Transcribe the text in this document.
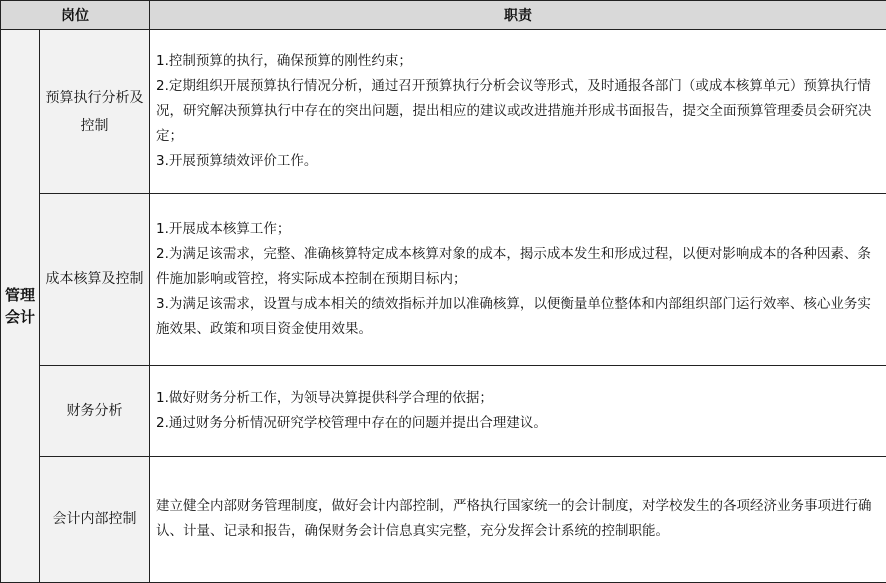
岗位		职责
管理会计	预算执行分析及控制	1.控制预算的执行，确保预算的刚性约束；
2.定期组织开展预算执行情况分析，通过召开预算执行分析会议等形式，及时通报各部门（或成本核算单元）预算执行情况，研究解决预算执行中存在的突出问题，提出相应的建议或改进措施并形成书面报告，提交全面预算管理委员会研究决定；
3.开展预算绩效评价工作。

	成本核算及控制	1.开展成本核算工作；
2.为满足该需求，完整、准确核算特定成本核算对象的成本，揭示成本发生和形成过程，以便对影响成本的各种因素、条件施加影响或管控，将实际成本控制在预期目标内；
3.为满足该需求，设置与成本相关的绩效指标并加以准确核算，以便衡量单位整体和内部组织部门运行效率、核心业务实施效果、政策和项目资金使用效果。

	财务分析	1.做好财务分析工作，为领导决算提供科学合理的依据；
2.通过财务分析情况研究学校管理中存在的问题并提出合理建议。

	会计内部控制	建立健全内部财务管理制度，做好会计内部控制，严格执行国家统一的会计制度，对学校发生的各项经济业务事项进行确认、计量、记录和报告，确保财务会计信息真实完整，充分发挥会计系统的控制职能。
